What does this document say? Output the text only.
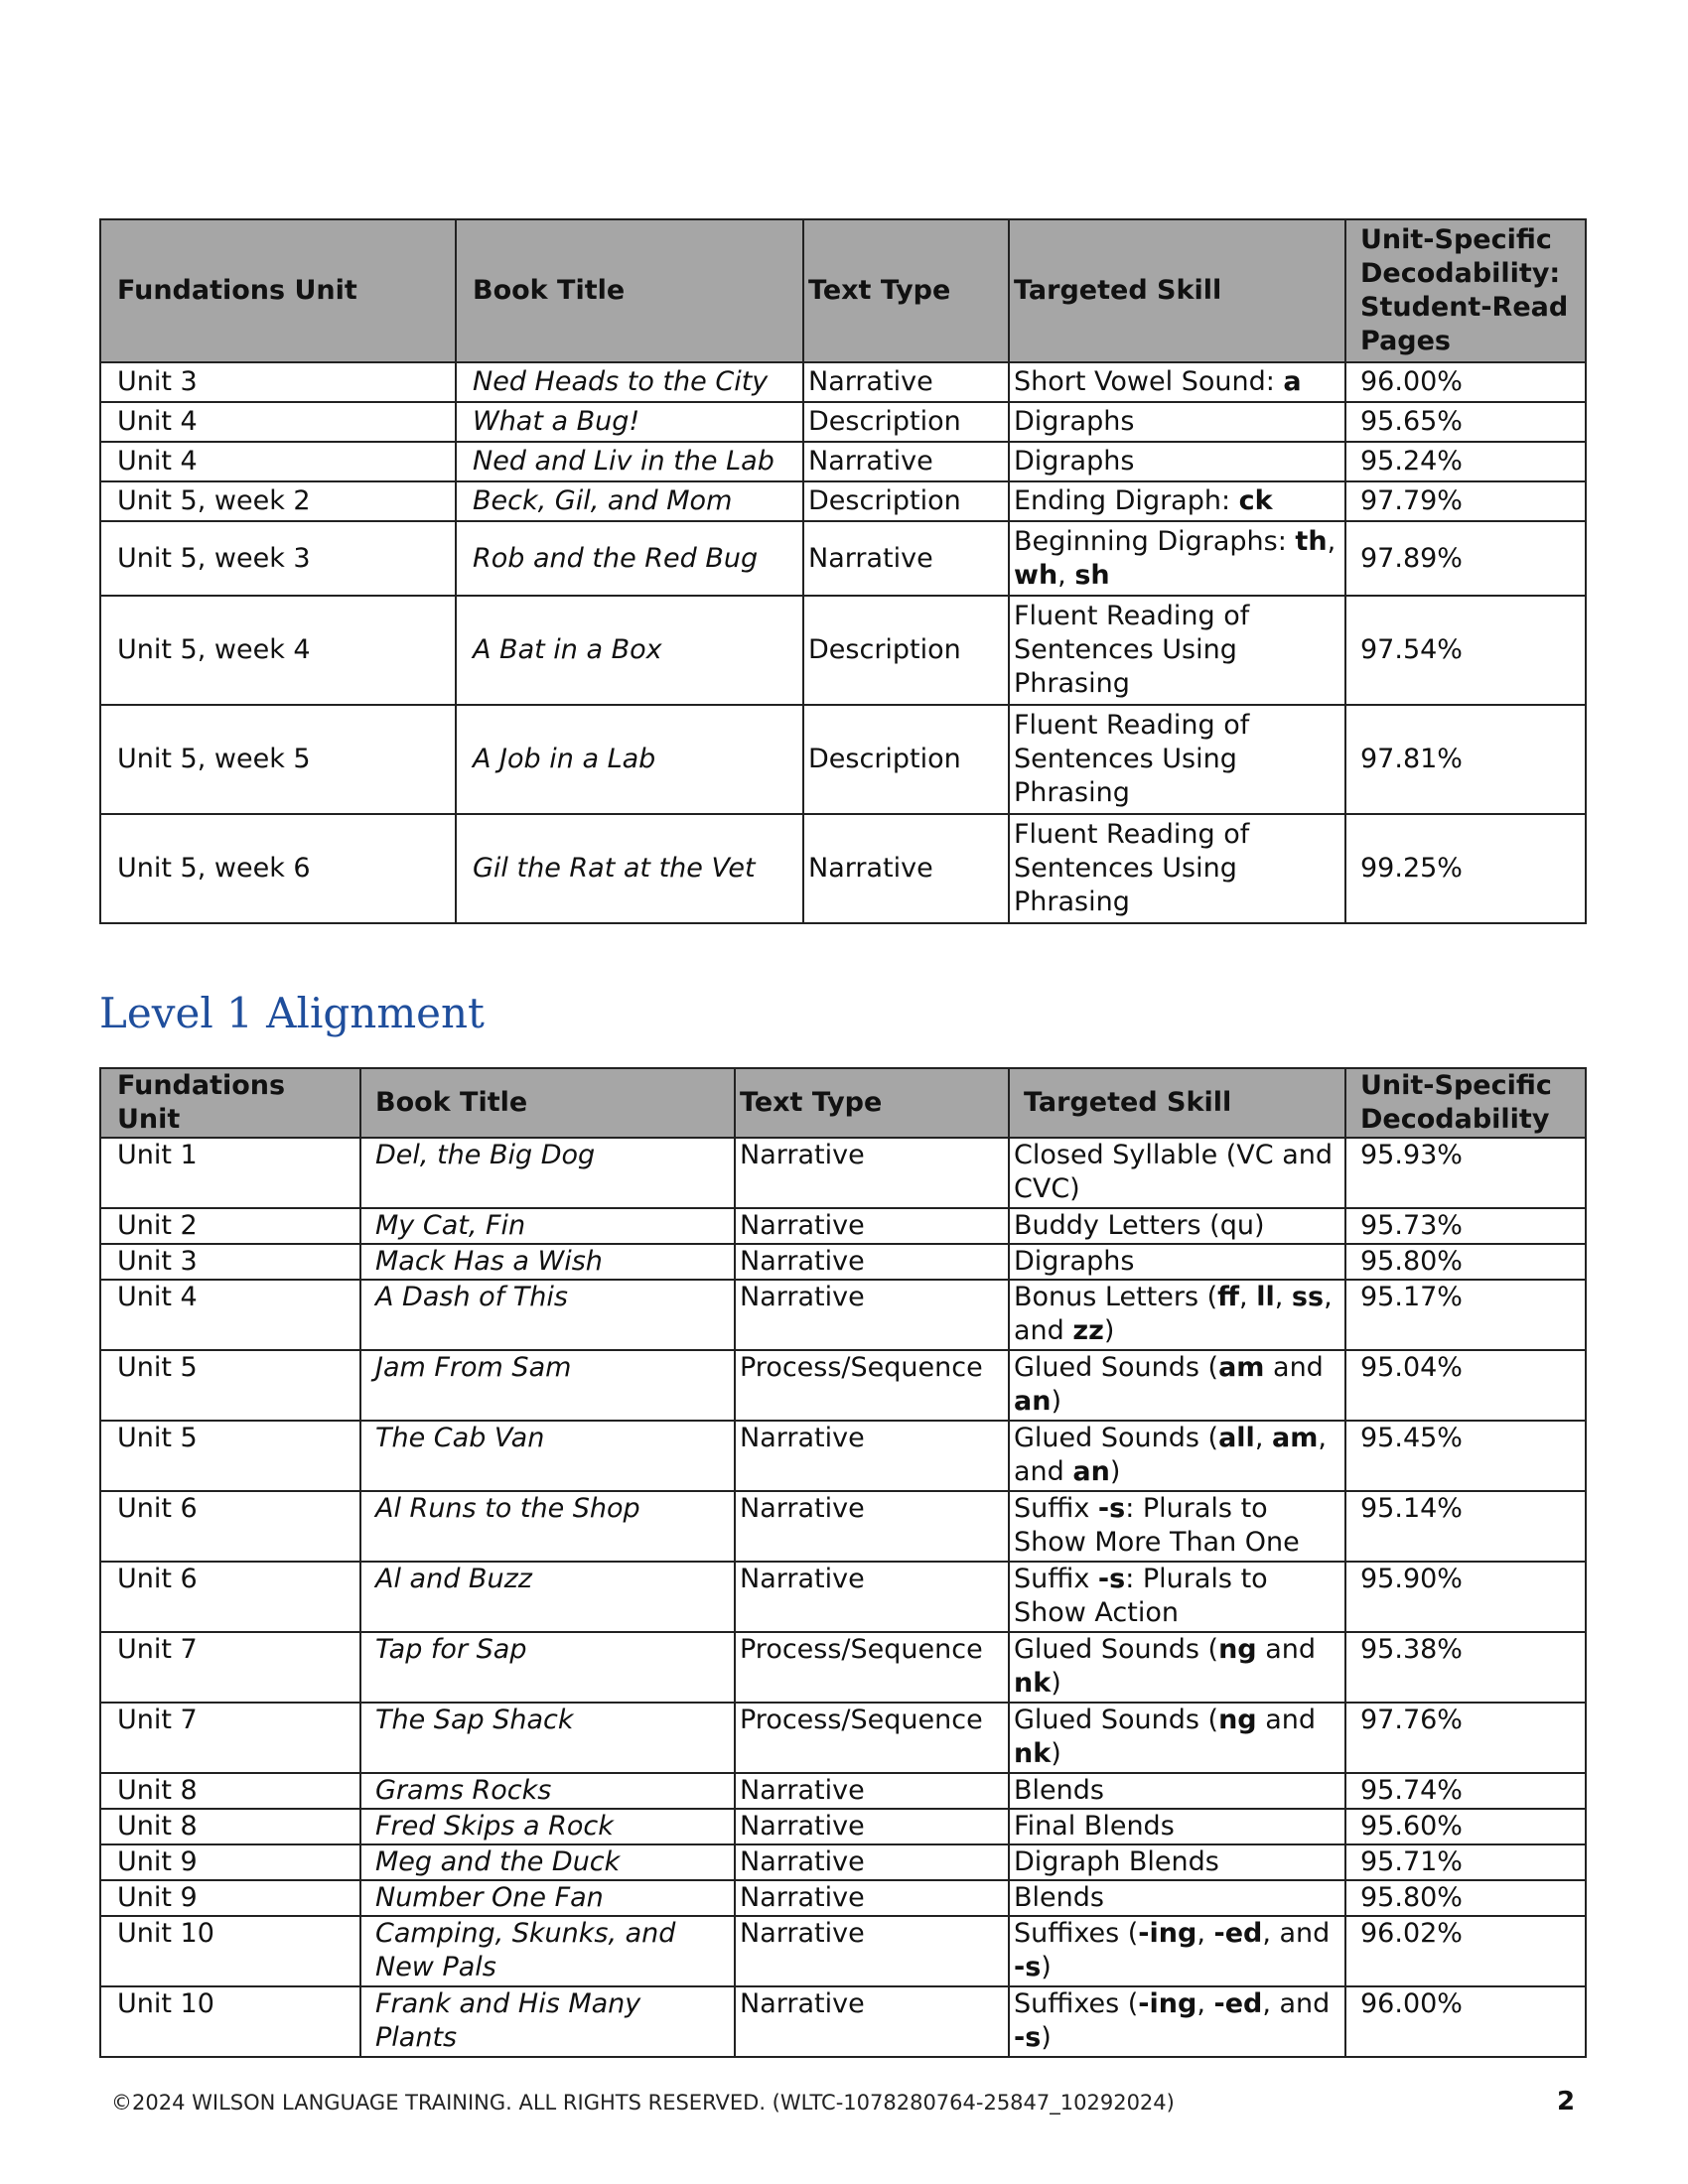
Fundations Unit	Book Title	Text Type	Targeted Skill	Unit-Specific Decodability: Student-Read Pages
Unit 3	Ned Heads to the City	Narrative	Short Vowel Sound: a	96.00%
Unit 4	What a Bug!	Description	Digraphs	95.65%
Unit 4	Ned and Liv in the Lab	Narrative	Digraphs	95.24%
Unit 5, week 2	Beck, Gil, and Mom	Description	Ending Digraph: ck	97.79%
Unit 5, week 3	Rob and the Red Bug	Narrative	Beginning Digraphs: th, wh, sh	97.89%
Unit 5, week 4	A Bat in a Box	Description	Fluent Reading of Sentences Using Phrasing	97.54%
Unit 5, week 5	A Job in a Lab	Description	Fluent Reading of Sentences Using Phrasing	97.81%
Unit 5, week 6	Gil the Rat at the Vet	Narrative	Fluent Reading of Sentences Using Phrasing	99.25%
Level 1 Alignment
Fundations Unit	Book Title	Text Type	Targeted Skill	Unit-Specific Decodability
Unit 1	Del, the Big Dog	Narrative	Closed Syllable (VC and CVC)	95.93%
Unit 2	My Cat, Fin	Narrative	Buddy Letters (qu)	95.73%
Unit 3	Mack Has a Wish	Narrative	Digraphs	95.80%
Unit 4	A Dash of This	Narrative	Bonus Letters (ff, ll, ss, and zz)	95.17%
Unit 5	Jam From Sam	Process/Sequence	Glued Sounds (am and an)	95.04%
Unit 5	The Cab Van	Narrative	Glued Sounds (all, am, and an)	95.45%
Unit 6	Al Runs to the Shop	Narrative	Suffix -s: Plurals to Show More Than One	95.14%
Unit 6	Al and Buzz	Narrative	Suffix -s: Plurals to Show Action	95.90%
Unit 7	Tap for Sap	Process/Sequence	Glued Sounds (ng and nk)	95.38%
Unit 7	The Sap Shack	Process/Sequence	Glued Sounds (ng and nk)	97.76%
Unit 8	Grams Rocks	Narrative	Blends	95.74%
Unit 8	Fred Skips a Rock	Narrative	Final Blends	95.60%
Unit 9	Meg and the Duck	Narrative	Digraph Blends	95.71%
Unit 9	Number One Fan	Narrative	Blends	95.80%
Unit 10	Camping, Skunks, and New Pals	Narrative	Suffixes (-ing, -ed, and -s)	96.02%
Unit 10	Frank and His Many Plants	Narrative	Suffixes (-ing, -ed, and -s)	96.00%
©2024 WILSON LANGUAGE TRAINING. ALL RIGHTS RESERVED. (WLTC-1078280764-25847_10292024)	2
